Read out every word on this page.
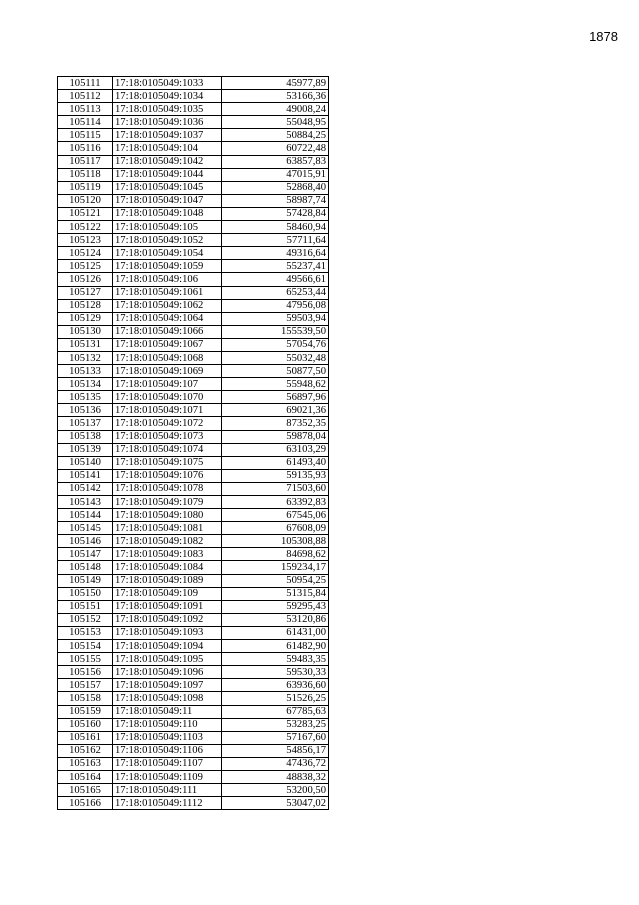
1878
105111	17:18:0105049:1033	45977,89
105112	17:18:0105049:1034	53166,36
105113	17:18:0105049:1035	49008,24
105114	17:18:0105049:1036	55048,95
105115	17:18:0105049:1037	50884,25
105116	17:18:0105049:104	60722,48
105117	17:18:0105049:1042	63857,83
105118	17:18:0105049:1044	47015,91
105119	17:18:0105049:1045	52868,40
105120	17:18:0105049:1047	58987,74
105121	17:18:0105049:1048	57428,84
105122	17:18:0105049:105	58460,94
105123	17:18:0105049:1052	57711,64
105124	17:18:0105049:1054	49316,64
105125	17:18:0105049:1059	55237,41
105126	17:18:0105049:106	49566,61
105127	17:18:0105049:1061	65253,44
105128	17:18:0105049:1062	47956,08
105129	17:18:0105049:1064	59503,94
105130	17:18:0105049:1066	155539,50
105131	17:18:0105049:1067	57054,76
105132	17:18:0105049:1068	55032,48
105133	17:18:0105049:1069	50877,50
105134	17:18:0105049:107	55948,62
105135	17:18:0105049:1070	56897,96
105136	17:18:0105049:1071	69021,36
105137	17:18:0105049:1072	87352,35
105138	17:18:0105049:1073	59878,04
105139	17:18:0105049:1074	63103,29
105140	17:18:0105049:1075	61493,40
105141	17:18:0105049:1076	59135,93
105142	17:18:0105049:1078	71503,60
105143	17:18:0105049:1079	63392,83
105144	17:18:0105049:1080	67545,06
105145	17:18:0105049:1081	67608,09
105146	17:18:0105049:1082	105308,88
105147	17:18:0105049:1083	84698,62
105148	17:18:0105049:1084	159234,17
105149	17:18:0105049:1089	50954,25
105150	17:18:0105049:109	51315,84
105151	17:18:0105049:1091	59295,43
105152	17:18:0105049:1092	53120,86
105153	17:18:0105049:1093	61431,00
105154	17:18:0105049:1094	61482,90
105155	17:18:0105049:1095	59483,35
105156	17:18:0105049:1096	59530,33
105157	17:18:0105049:1097	63936,60
105158	17:18:0105049:1098	51526,25
105159	17:18:0105049:11	67785,63
105160	17:18:0105049:110	53283,25
105161	17:18:0105049:1103	57167,60
105162	17:18:0105049:1106	54856,17
105163	17:18:0105049:1107	47436,72
105164	17:18:0105049:1109	48838,32
105165	17:18:0105049:111	53200,50
105166	17:18:0105049:1112	53047,02
